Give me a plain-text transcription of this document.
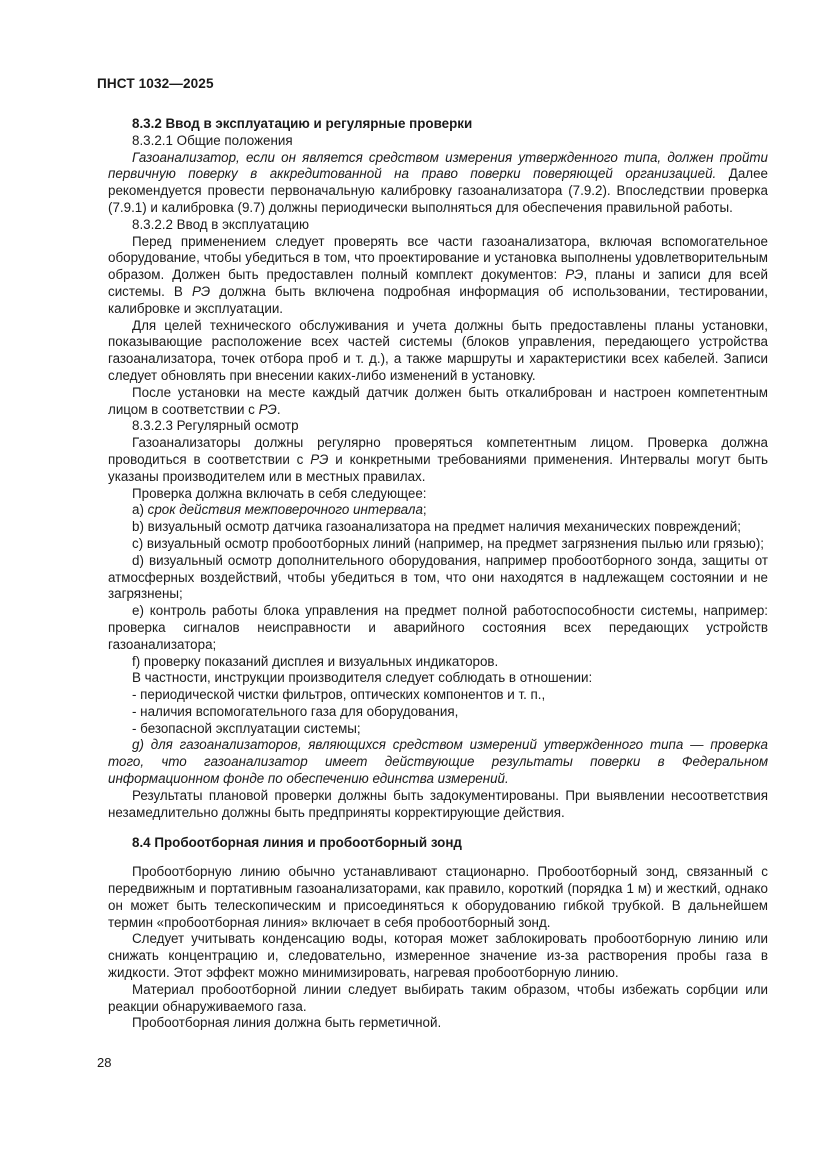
ПНСТ 1032—2025
8.3.2 Ввод в эксплуатацию и регулярные проверки

8.3.2.1 Общие положения

Газоанализатор, если он является средством измерения утвержденного типа, должен пройти первичную поверку в аккредитованной на право поверки поверяющей организацией. Далее рекомендуется провести первоначальную калибровку газоанализатора (7.9.2). Впоследствии проверка (7.9.1) и калибровка (9.7) должны периодически выполняться для обеспечения правильной работы.

8.3.2.2 Ввод в эксплуатацию

Перед применением следует проверять все части газоанализатора, включая вспомогательное оборудование, чтобы убедиться в том, что проектирование и установка выполнены удовлетворительным образом. Должен быть предоставлен полный комплект документов: РЭ, планы и записи для всей системы. В РЭ должна быть включена подробная информация об использовании, тестировании, калибровке и эксплуатации.

Для целей технического обслуживания и учета должны быть предоставлены планы установки, показывающие расположение всех частей системы (блоков управления, передающего устройства газоанализатора, точек отбора проб и т. д.), а также маршруты и характеристики всех кабелей. Записи следует обновлять при внесении каких-либо изменений в установку.

После установки на месте каждый датчик должен быть откалиброван и настроен компетентным лицом в соответствии с РЭ.

8.3.2.3 Регулярный осмотр

Газоанализаторы должны регулярно проверяться компетентным лицом. Проверка должна проводиться в соответствии с РЭ и конкретными требованиями применения. Интервалы могут быть указаны производителем или в местных правилах.

Проверка должна включать в себя следующее:

а) срок действия межповерочного интервала;

b) визуальный осмотр датчика газоанализатора на предмет наличия механических повреждений;

c) визуальный осмотр пробоотборных линий (например, на предмет загрязнения пылью или грязью);

d) визуальный осмотр дополнительного оборудования, например пробоотборного зонда, защиты от атмосферных воздействий, чтобы убедиться в том, что они находятся в надлежащем состоянии и не загрязнены;

e) контроль работы блока управления на предмет полной работоспособности системы, например: проверка сигналов неисправности и аварийного состояния всех передающих устройств газоанализатора;

f) проверку показаний дисплея и визуальных индикаторов.

В частности, инструкции производителя следует соблюдать в отношении:

- периодической чистки фильтров, оптических компонентов и т. п.,

- наличия вспомогательного газа для оборудования,

- безопасной эксплуатации системы;

g) для газоанализаторов, являющихся средством измерений утвержденного типа — проверка того, что газоанализатор имеет действующие результаты поверки в Федеральном информационном фонде по обеспечению единства измерений.

Результаты плановой проверки должны быть задокументированы. При выявлении несоответствия незамедлительно должны быть предприняты корректирующие действия.

8.4 Пробоотборная линия и пробоотборный зонд

Пробоотборную линию обычно устанавливают стационарно. Пробоотборный зонд, связанный с передвижным и портативным газоанализаторами, как правило, короткий (порядка 1 м) и жесткий, однако он может быть телескопическим и присоединяться к оборудованию гибкой трубкой. В дальнейшем термин «пробоотборная линия» включает в себя пробоотборный зонд.

Следует учитывать конденсацию воды, которая может заблокировать пробоотборную линию или снижать концентрацию и, следовательно, измеренное значение из-за растворения пробы газа в жидкости. Этот эффект можно минимизировать, нагревая пробоотборную линию.

Материал пробоотборной линии следует выбирать таким образом, чтобы избежать сорбции или реакции обнаруживаемого газа.

Пробоотборная линия должна быть герметичной.

28
